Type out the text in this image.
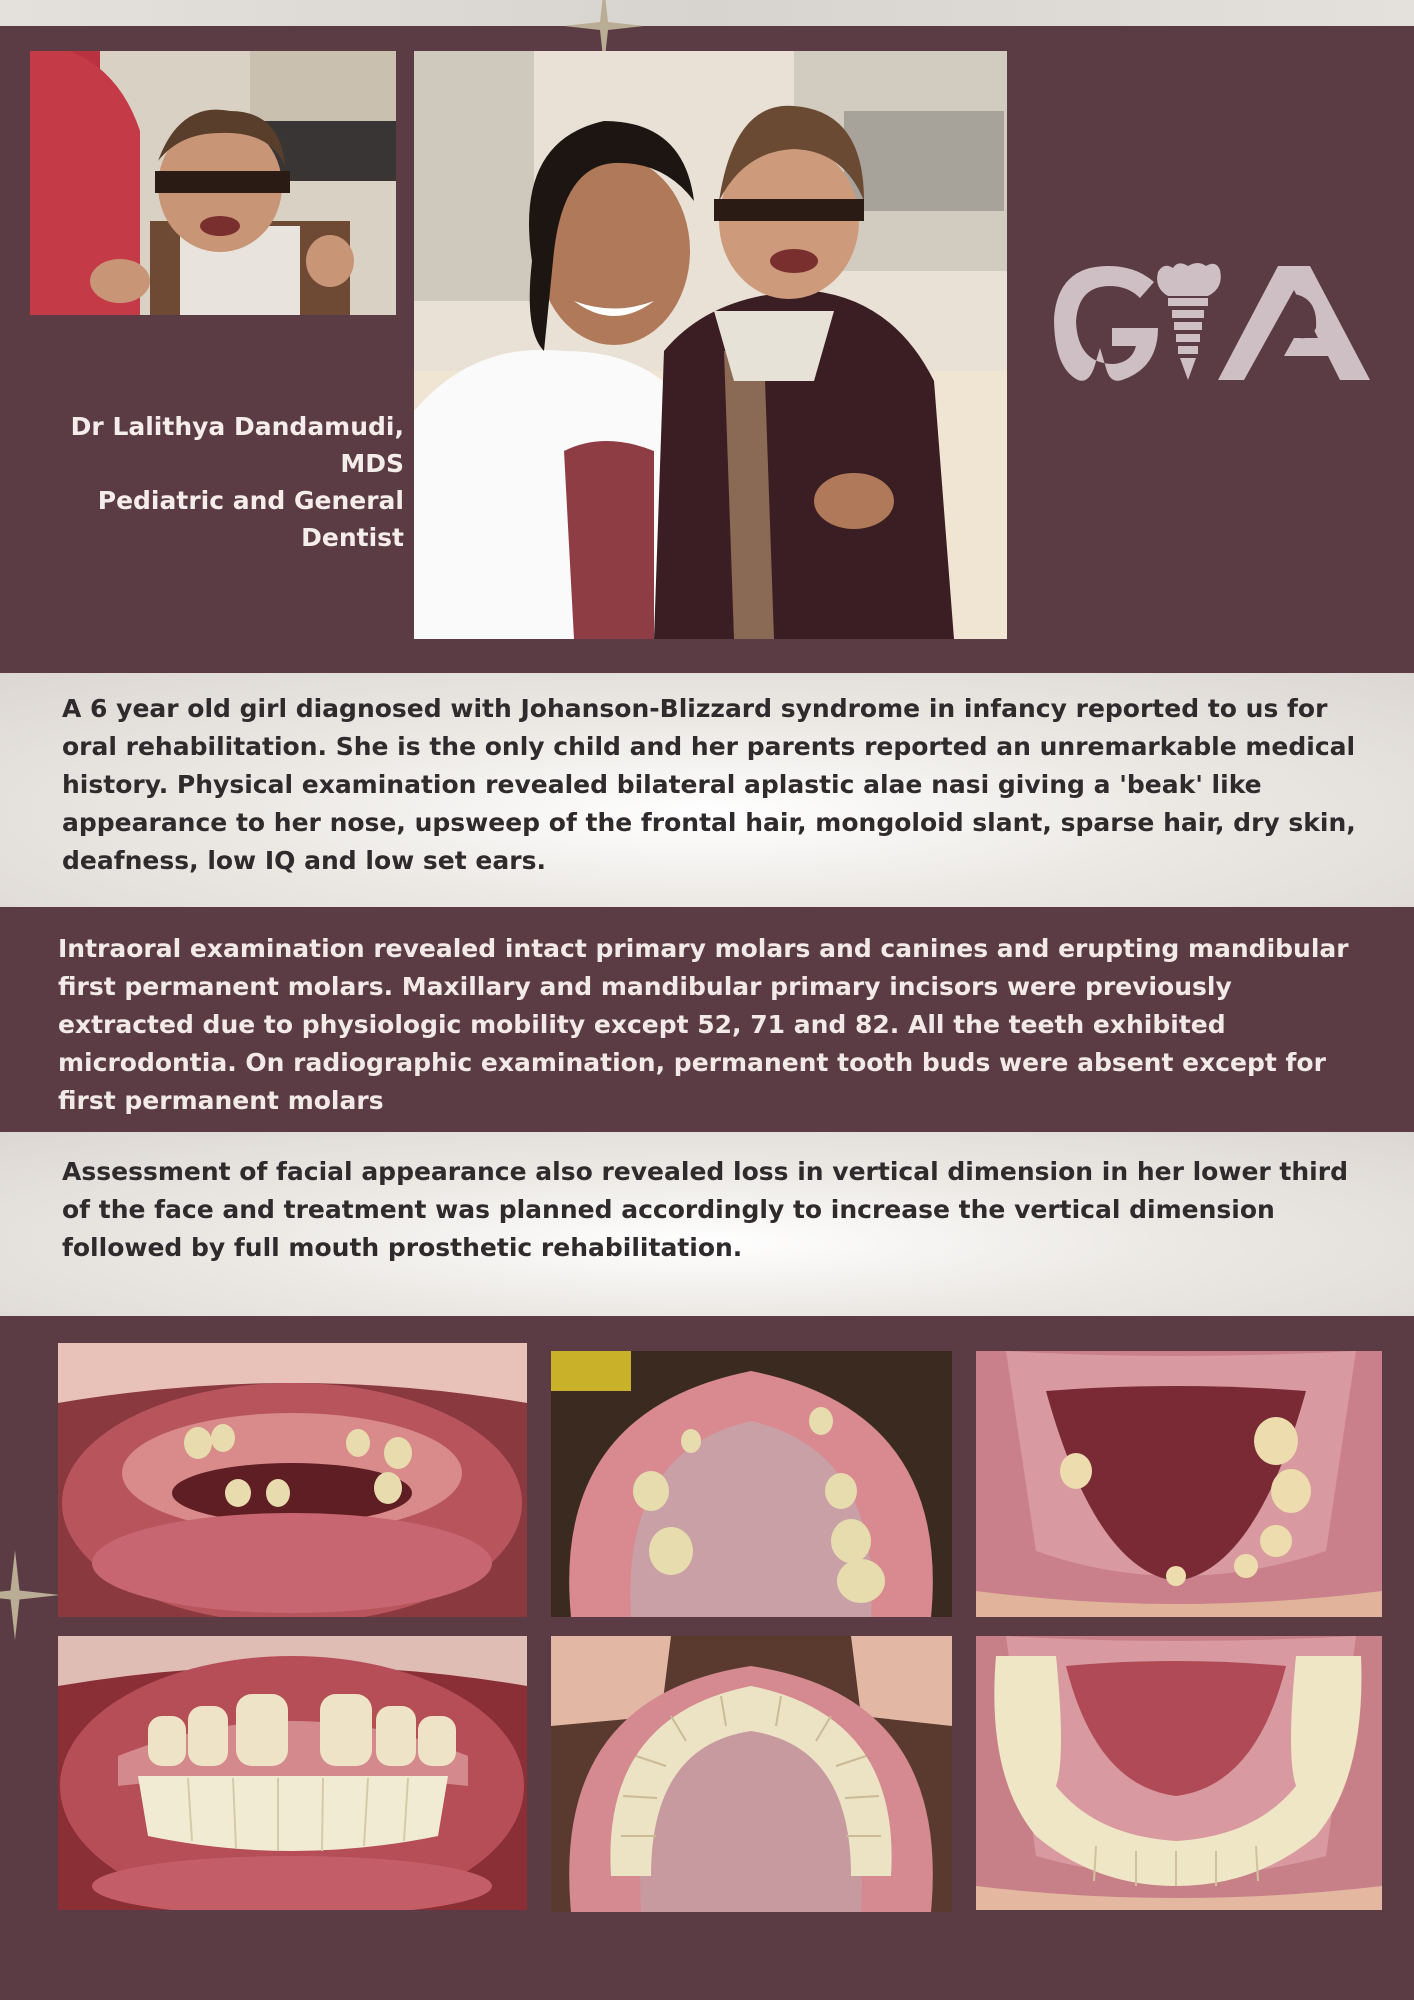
Dr Lalithya Dandamudi, MDS
Pediatric and General
Dentist

A 6 year old girl diagnosed with Johanson-Blizzard syndrome in infancy reported to us for oral rehabilitation. She is the only child and her parents reported an unremarkable medical history. Physical examination revealed bilateral aplastic alae nasi giving a 'beak' like appearance to her nose, upsweep of the frontal hair, mongoloid slant, sparse hair, dry skin, deafness, low IQ and low set ears.

Intraoral examination revealed intact primary molars and canines and erupting mandibular first permanent molars. Maxillary and mandibular primary incisors were previously extracted due to physiologic mobility except 52, 71 and 82. All the teeth exhibited microdontia. On radiographic examination, permanent tooth buds were absent except for first permanent molars

Assessment of facial appearance also revealed loss in vertical dimension in her lower third of the face and treatment was planned accordingly to increase the vertical dimension followed by full mouth prosthetic rehabilitation.
